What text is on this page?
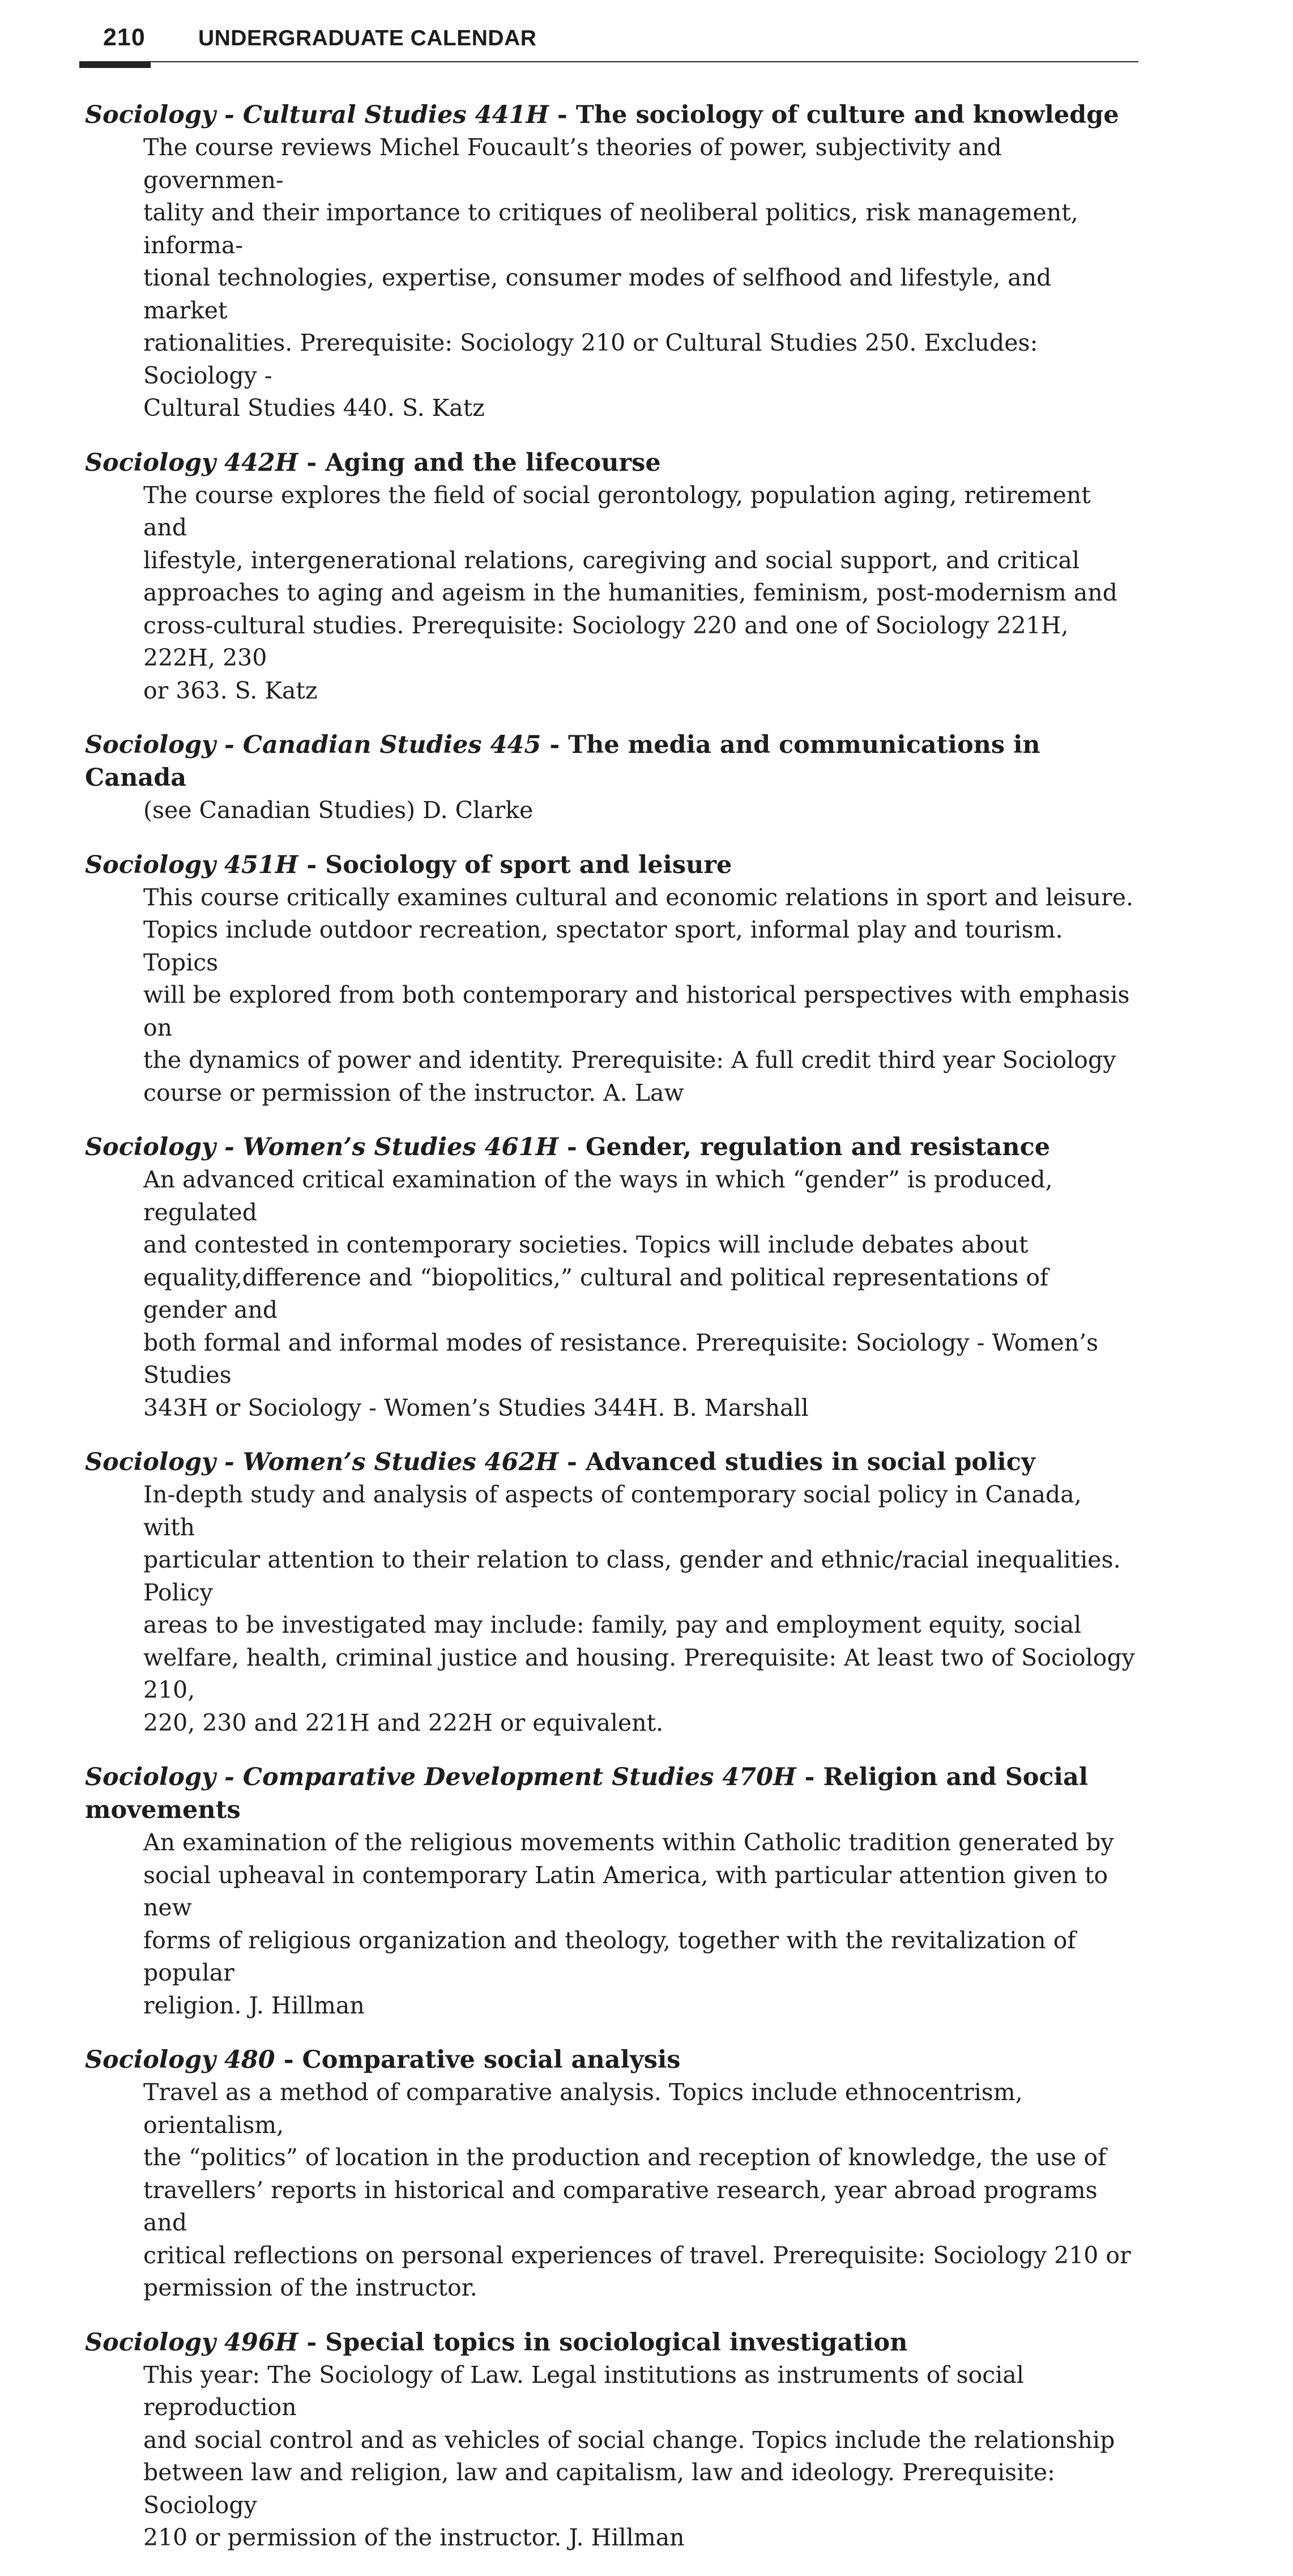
210 UNDERGRADUATE CALENDAR
Sociology - Cultural Studies 441H - The sociology of culture and knowledge

The course reviews Michel Foucault’s theories of power, subjectivity and governmen-

tality and their importance to critiques of neoliberal politics, risk management, informa-

tional technologies, expertise, consumer modes of selfhood and lifestyle, and market

rationalities. Prerequisite: Sociology 210 or Cultural Studies 250. Excludes: Sociology -

Cultural Studies 440. S. Katz

Sociology 442H - Aging and the lifecourse

The course explores the field of social gerontology, population aging, retirement and

lifestyle, intergenerational relations, caregiving and social support, and critical

approaches to aging and ageism in the humanities, feminism, post-modernism and

cross-cultural studies. Prerequisite: Sociology 220 and one of Sociology 221H, 222H, 230

or 363. S. Katz

Sociology - Canadian Studies 445 - The media and communications in Canada

(see Canadian Studies) D. Clarke

Sociology 451H - Sociology of sport and leisure

This course critically examines cultural and economic relations in sport and leisure.

Topics include outdoor recreation, spectator sport, informal play and tourism. Topics

will be explored from both contemporary and historical perspectives with emphasis on

the dynamics of power and identity. Prerequisite: A full credit third year Sociology

course or permission of the instructor. A. Law

Sociology - Women’s Studies 461H - Gender, regulation and resistance

An advanced critical examination of the ways in which “gender” is produced, regulated

and contested in contemporary societies. Topics will include debates about

equality,difference and “biopolitics,” cultural and political representations of gender and

both formal and informal modes of resistance. Prerequisite: Sociology - Women’s Studies

343H or Sociology - Women’s Studies 344H. B. Marshall

Sociology - Women’s Studies 462H - Advanced studies in social policy

In-depth study and analysis of aspects of contemporary social policy in Canada, with

particular attention to their relation to class, gender and ethnic/racial inequalities. Policy

areas to be investigated may include: family, pay and employment equity, social

welfare, health, criminal justice and housing. Prerequisite: At least two of Sociology 210,

220, 230 and 221H and 222H or equivalent.

Sociology - Comparative Development Studies 470H - Religion and Social movements

An examination of the religious movements within Catholic tradition generated by

social upheaval in contemporary Latin America, with particular attention given to new

forms of religious organization and theology, together with the revitalization of popular

religion. J. Hillman

Sociology 480 - Comparative social analysis

Travel as a method of comparative analysis. Topics include ethnocentrism, orientalism,

the “politics” of location in the production and reception of knowledge, the use of

travellers’ reports in historical and comparative research, year abroad programs and

critical reflections on personal experiences of travel. Prerequisite: Sociology 210 or

permission of the instructor.

Sociology 496H - Special topics in sociological investigation

This year: The Sociology of Law. Legal institutions as instruments of social reproduction

and social control and as vehicles of social change. Topics include the relationship

between law and religion, law and capitalism, law and ideology. Prerequisite: Sociology

210 or permission of the instructor. J. Hillman
